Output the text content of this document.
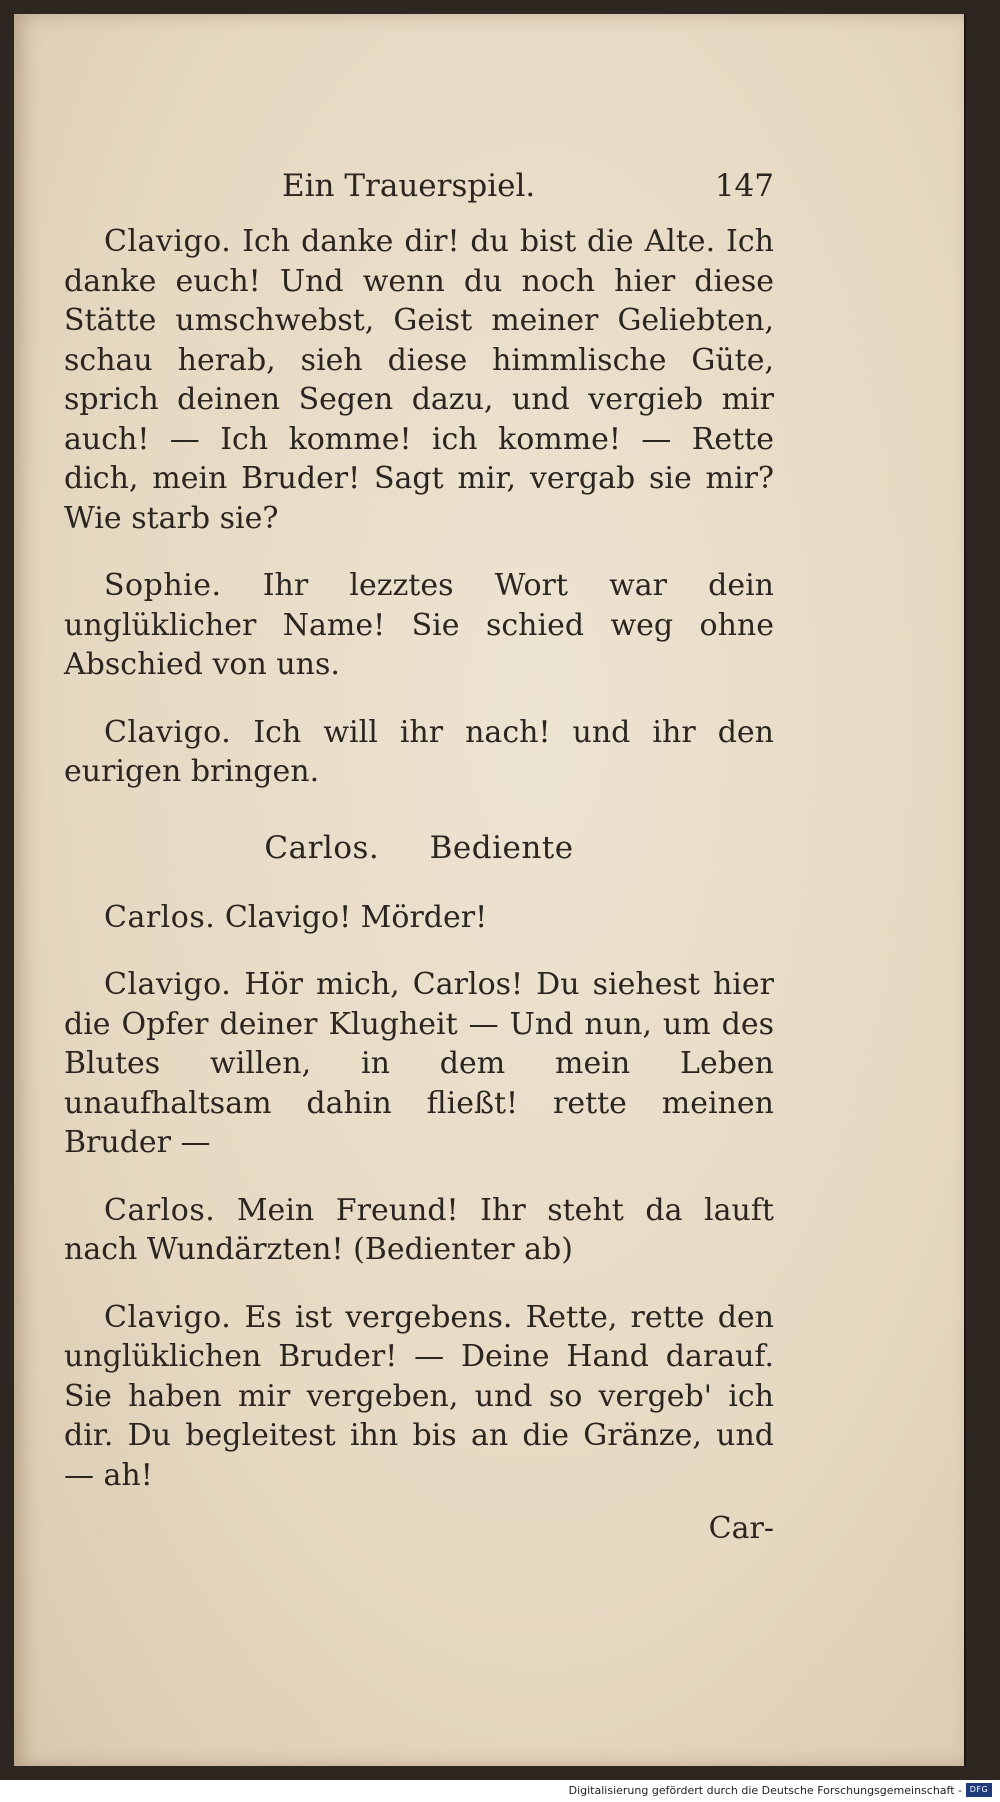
Ein Trauerspiel.	147

Clavigo. Ich danke dir! du bist die Alte. Ich danke euch! Und wenn du noch hier diese Stätte umschwebst, Geist meiner Geliebten, schau herab, sieh diese himmlische Güte, sprich deinen Segen dazu, und vergieb mir auch! — Ich komme! ich komme! — Rette dich, mein Bruder! Sagt mir, vergab sie mir? Wie starb sie?

Sophie. Ihr lezztes Wort war dein unglüklicher Name! Sie schied weg ohne Abschied von uns.

Clavigo. Ich will ihr nach! und ihr den eurigen bringen.

Carlos. Bediente

Carlos. Clavigo! Mörder!

Clavigo. Hör mich, Carlos! Du siehest hier die Opfer deiner Klugheit — Und nun, um des Blutes willen, in dem mein Leben unaufhaltsam dahin fließt! rette meinen Bruder —

Carlos. Mein Freund! Ihr steht da lauft nach Wundärzten! (Bedienter ab)

Clavigo. Es ist vergebens. Rette, rette den unglüklichen Bruder! — Deine Hand darauf. Sie haben mir vergeben, und so vergeb' ich dir. Du begleitest ihn bis an die Gränze, und — ah!

Car-
Digitalisierung gefördert durch die Deutsche Forschungsgemeinschaft - DFG
